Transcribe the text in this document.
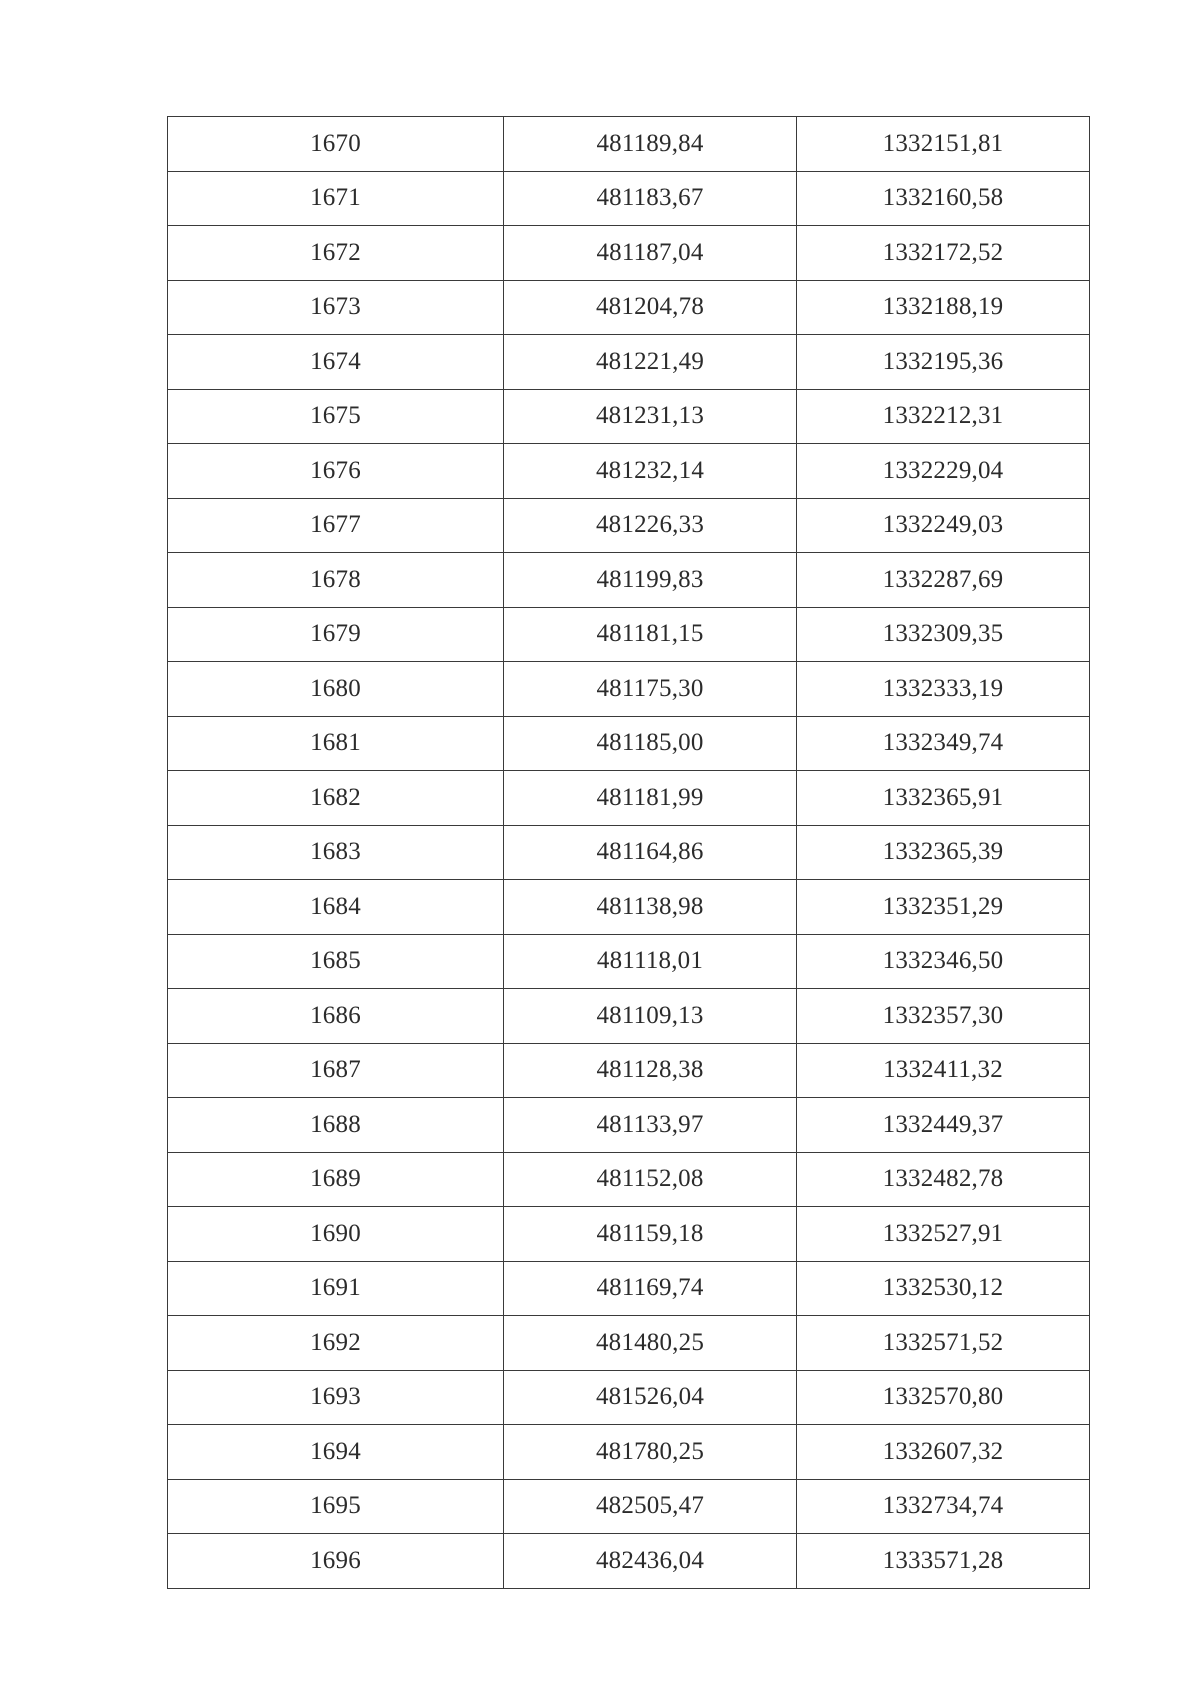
1670	481189,84	1332151,81
1671	481183,67	1332160,58
1672	481187,04	1332172,52
1673	481204,78	1332188,19
1674	481221,49	1332195,36
1675	481231,13	1332212,31
1676	481232,14	1332229,04
1677	481226,33	1332249,03
1678	481199,83	1332287,69
1679	481181,15	1332309,35
1680	481175,30	1332333,19
1681	481185,00	1332349,74
1682	481181,99	1332365,91
1683	481164,86	1332365,39
1684	481138,98	1332351,29
1685	481118,01	1332346,50
1686	481109,13	1332357,30
1687	481128,38	1332411,32
1688	481133,97	1332449,37
1689	481152,08	1332482,78
1690	481159,18	1332527,91
1691	481169,74	1332530,12
1692	481480,25	1332571,52
1693	481526,04	1332570,80
1694	481780,25	1332607,32
1695	482505,47	1332734,74
1696	482436,04	1333571,28
